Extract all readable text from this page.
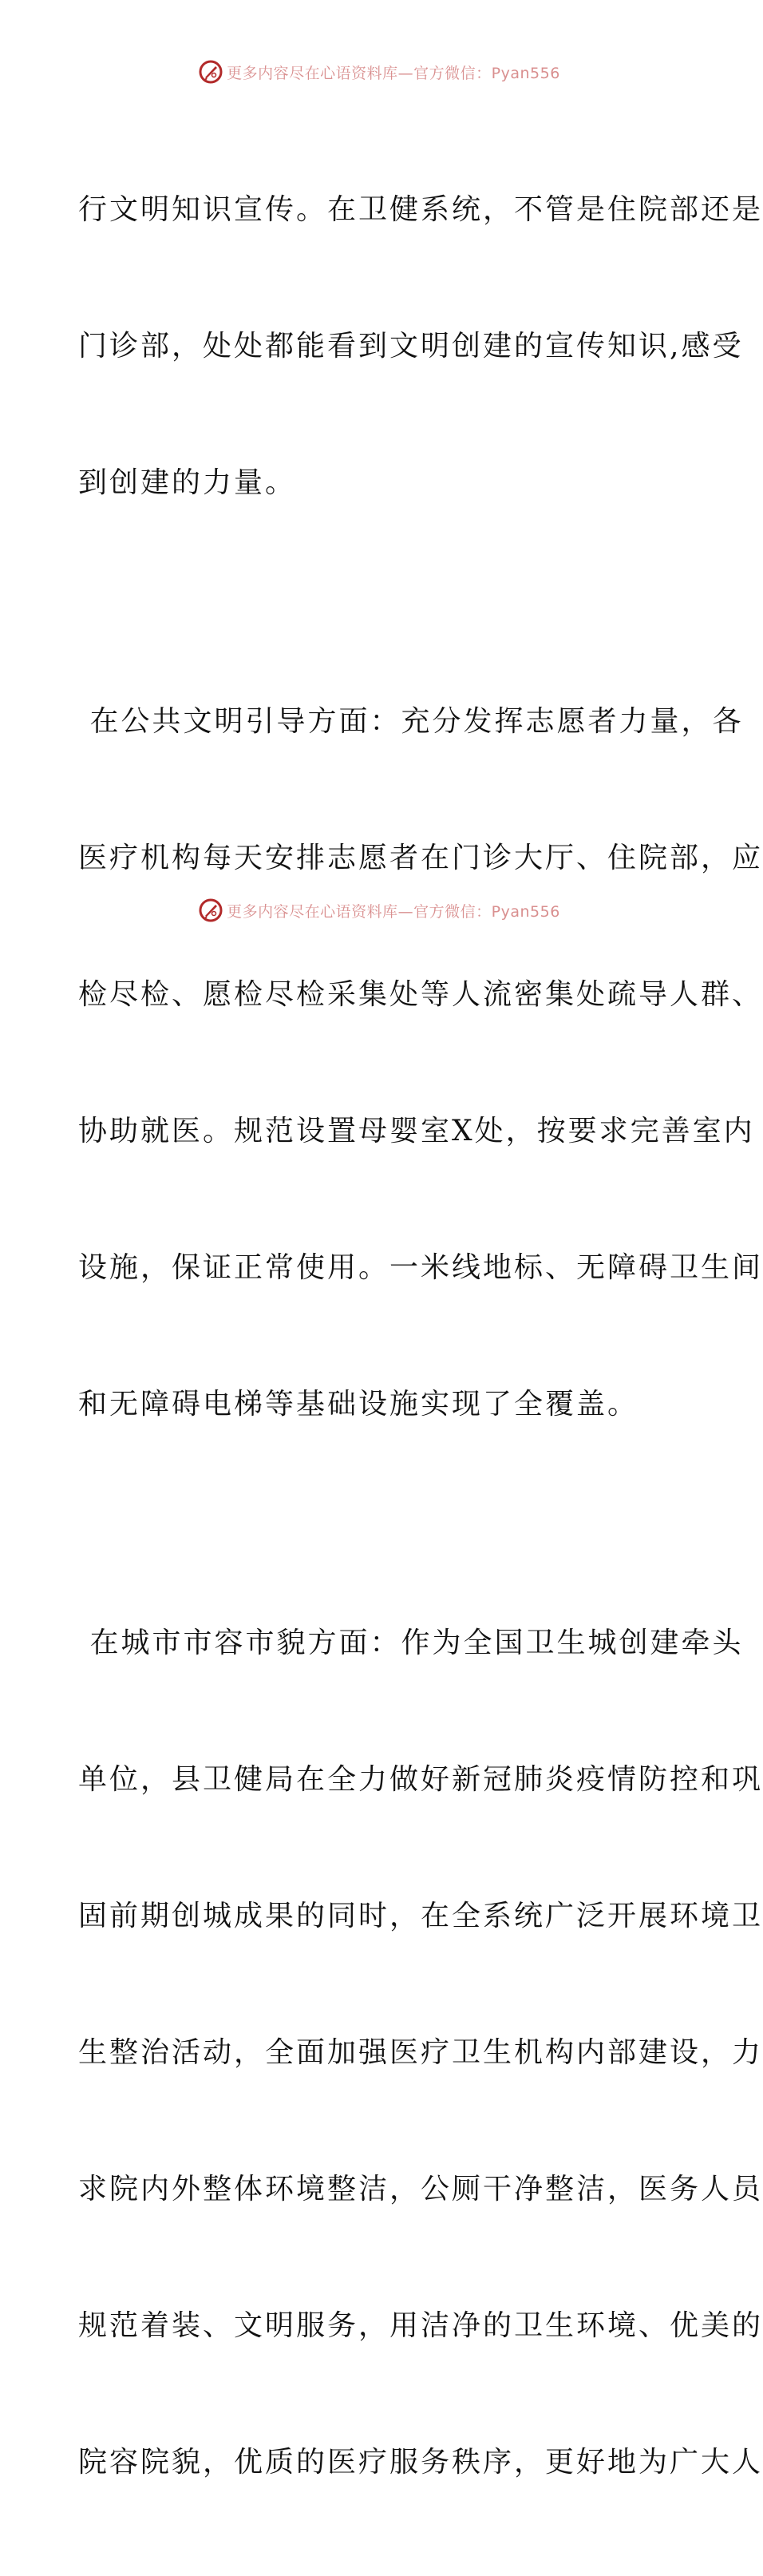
更多内容尽在心语资料库—官方微信：Pyan556

行文明知识宣传。在卫健系统，不管是住院部还是

门诊部，处处都能看到文明创建的宣传知识,感受

到创建的力量。

在公共文明引导方面：充分发挥志愿者力量，各

医疗机构每天安排志愿者在门诊大厅、住院部，应

检尽检、愿检尽检采集处等人流密集处疏导人群、

协助就医。规范设置母婴室X处，按要求完善室内

设施，保证正常使用。一米线地标、无障碍卫生间

和无障碍电梯等基础设施实现了全覆盖。

在城市市容市貌方面：作为全国卫生城创建牵头

单位，县卫健局在全力做好新冠肺炎疫情防控和巩

固前期创城成果的同时，在全系统广泛开展环境卫

生整治活动，全面加强医疗卫生机构内部建设，力

求院内外整体环境整洁，公厕干净整洁，医务人员

规范着装、文明服务，用洁净的卫生环境、优美的

院容院貌，优质的医疗服务秩序，更好地为广大人

更多内容尽在心语资料库—官方微信：Pyan556
